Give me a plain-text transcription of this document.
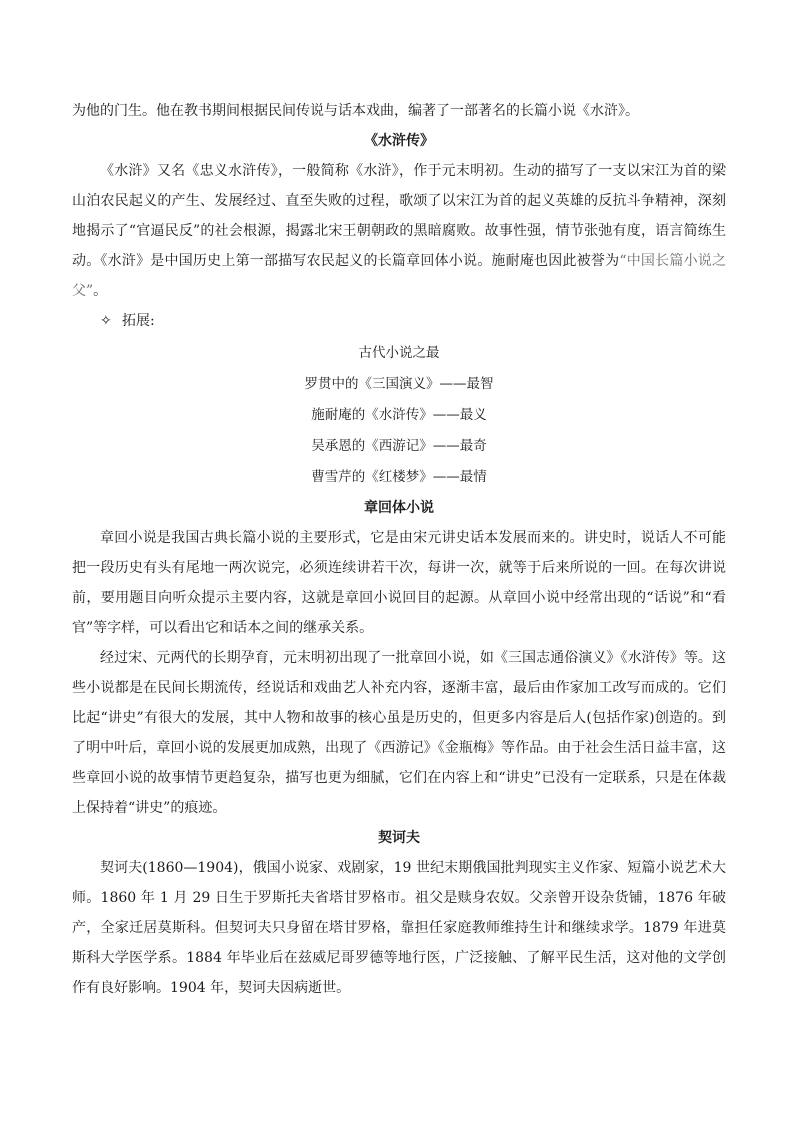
为他的门生。他在教书期间根据民间传说与话本戏曲，编著了一部著名的长篇小说《水浒》。

《水浒传》

《水浒》又名《忠义水浒传》，一般简称《水浒》，作于元末明初。生动的描写了一支以宋江为首的梁山泊农民起义的产生、发展经过、直至失败的过程，歌颂了以宋江为首的起义英雄的反抗斗争精神，深刻地揭示了“官逼民反”的社会根源，揭露北宋王朝朝政的黑暗腐败。故事性强，情节张弛有度，语言简练生动。《水浒》是中国历史上第一部描写农民起义的长篇章回体小说。施耐庵也因此被誉为“中国长篇小说之父”。

✧ 拓展:
古代小说之最
罗贯中的《三国演义》——最智
施耐庵的《水浒传》——最义
吴承恩的《西游记》——最奇
曹雪芹的《红楼梦》——最情
章回体小说

章回小说是我国古典长篇小说的主要形式，它是由宋元讲史话本发展而来的。讲史时，说话人不可能把一段历史有头有尾地一两次说完，必须连续讲若干次，每讲一次，就等于后来所说的一回。在每次讲说前，要用题目向听众提示主要内容，这就是章回小说回目的起源。从章回小说中经常出现的“话说”和“看官”等字样，可以看出它和话本之间的继承关系。

经过宋、元两代的长期孕育，元末明初出现了一批章回小说，如《三国志通俗演义》《水浒传》等。这些小说都是在民间长期流传，经说话和戏曲艺人补充内容，逐渐丰富，最后由作家加工改写而成的。它们比起“讲史”有很大的发展，其中人物和故事的核心虽是历史的，但更多内容是后人(包括作家)创造的。到了明中叶后，章回小说的发展更加成熟，出现了《西游记》《金瓶梅》等作品。由于社会生活日益丰富，这些章回小说的故事情节更趋复杂，描写也更为细腻，它们在内容上和“讲史”已没有一定联系，只是在体裁上保持着“讲史”的痕迹。

契诃夫

契诃夫(1860—1904)，俄国小说家、戏剧家，19 世纪末期俄国批判现实主义作家、短篇小说艺术大师。1860 年 1 月 29 日生于罗斯托夫省塔甘罗格市。祖父是赎身农奴。父亲曾开设杂货铺，1876 年破产，全家迁居莫斯科。但契诃夫只身留在塔甘罗格，靠担任家庭教师维持生计和继续求学。1879 年进莫斯科大学医学系。1884 年毕业后在兹威尼哥罗德等地行医，广泛接触、了解平民生活，这对他的文学创作有良好影响。1904 年，契诃夫因病逝世。
